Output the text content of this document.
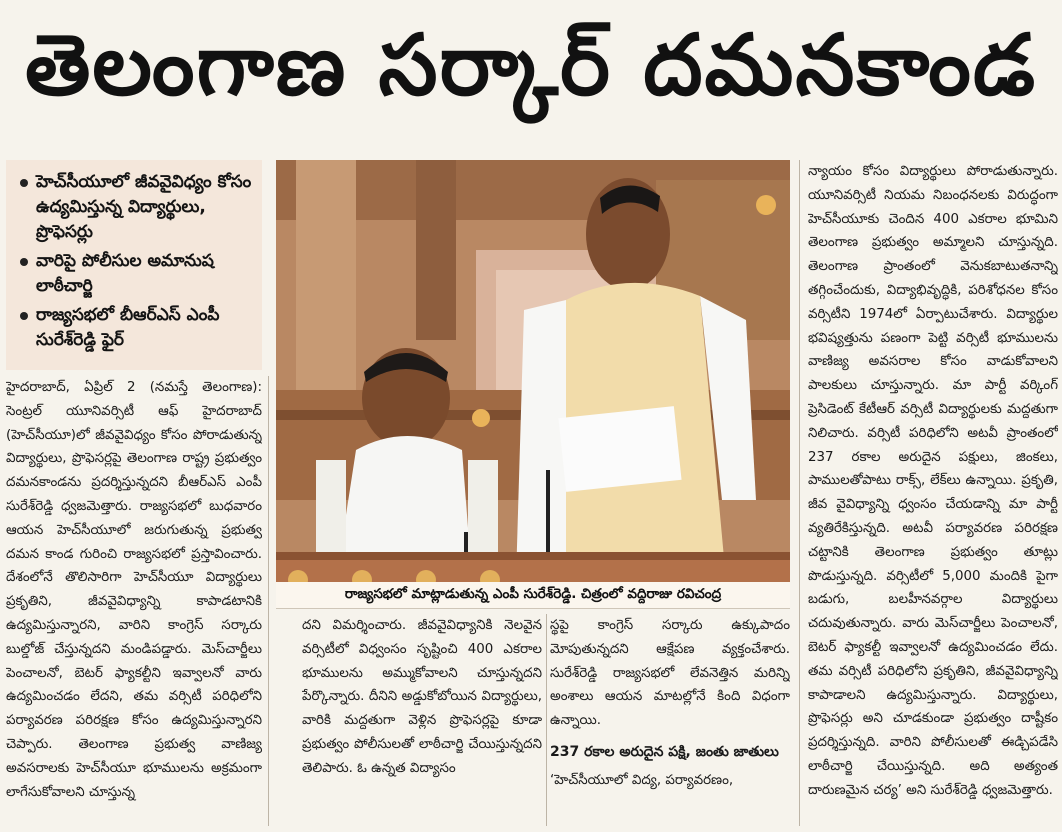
తెలంగాణ సర్కార్ దమనకాండ
హెచ్‌సీయూలో జీవవైవిధ్యం కోసం ఉద్యమిస్తున్న విద్యార్థులు, ప్రొఫెసర్లు
వారిపై పోలీసుల అమానుష లాఠీచార్జి
రాజ్యసభలో బీఆర్‌ఎస్ ఎంపీ సురేశ్‌రెడ్డి ఫైర్

హైదరాబాద్, ఏప్రిల్ 2 (నమస్తే తెలంగాణ): సెంట్రల్ యూనివర్సిటీ ఆఫ్ హైదరాబాద్ (హెచ్‌సీయూ)లో జీవవైవిధ్యం కోసం పోరాడుతున్న విద్యార్థులు, ప్రొఫెసర్లపై తెలంగాణ రాష్ట్ర ప్రభుత్వం దమనకాండను ప్రదర్శిస్తున్నదని బీఆర్‌ఎస్ ఎంపీ సురేశ్‌రెడ్డి ధ్వజమెత్తారు. రాజ్యసభలో బుధవారం ఆయన హెచ్‌సీయూలో జరుగుతున్న ప్రభుత్వ దమన కాండ గురించి రాజ్యసభలో ప్రస్తావించారు. దేశంలోనే తొలిసారిగా హెచ్‌సీయూ విద్యార్థులు ప్రకృతిని, జీవవైవిధ్యాన్ని కాపాడటానికి ఉద్యమిస్తున్నారని, వారిని కాంగ్రెస్ సర్కారు బుల్డోజ్ చేస్తున్నదని మండిపడ్డారు. మెస్‌చార్జీలు పెంచాలనో, బెటర్ ఫ్యాకల్టీని ఇవ్వాలనో వారు ఉద్యమించడం లేదని, తమ వర్సిటీ పరిధిలోని పర్యావరణ పరిరక్షణ కోసం ఉద్యమిస్తున్నారని చెప్పారు. తెలంగాణ ప్రభుత్వ వాణిజ్య అవసరాలకు హెచ్‌సీయూ భూములను అక్రమంగా లాగేసుకోవాలని చూస్తున్న

రాజ్యసభలో మాట్లాడుతున్న ఎంపీ సురేశ్‌రెడ్డి. చిత్రంలో వద్దిరాజు రవిచంద్ర

దని విమర్శించారు. జీవవైవిధ్యానికి నెలవైన వర్సిటీలో విధ్వంసం సృష్టించి 400 ఎకరాల భూములను అమ్ముకోవాలని చూస్తున్నదని పేర్కొన్నారు. దీనిని అడ్డుకోబోయిన విద్యార్థులు, వారికి మద్దతుగా వెళ్లిన ప్రొఫెసర్లపై కూడా ప్రభుత్వం పోలీసులతో లాఠీచార్జి చేయిస్తున్నదని తెలిపారు. ఓ ఉన్నత విద్యాసం

స్థపై కాంగ్రెస్ సర్కారు ఉక్కుపాదం మోపుతున్నదని ఆక్షేపణ వ్యక్తంచేశారు. సురేశ్‌రెడ్డి రాజ్యసభలో లేవనెత్తిన మరిన్ని అంశాలు ఆయన మాటల్లోనే కింది విధంగా ఉన్నాయి.

237 రకాల అరుదైన పక్షి, జంతు జాతులు

‘హెచ్‌సీయూలో విద్య, పర్యావరణం,

న్యాయం కోసం విద్యార్థులు పోరాడుతున్నారు. యూనివర్సిటీ నియమ నిబంధనలకు విరుద్ధంగా హెచ్‌సీయూకు చెందిన 400 ఎకరాల భూమిని తెలంగాణ ప్రభుత్వం అమ్మాలని చూస్తున్నది. తెలంగాణ ప్రాంతంలో వెనుకబాటుతనాన్ని తగ్గించేందుకు, విద్యాభివృద్ధికి, పరిశోధనల కోసం వర్సిటీని 1974లో ఏర్పాటుచేశారు. విద్యార్థుల భవిష్యత్తును పణంగా పెట్టి వర్సిటీ భూములను వాణిజ్య అవసరాల కోసం వాడుకోవాలని పాలకులు చూస్తున్నారు. మా పార్టీ వర్కింగ్ ప్రెసిడెంట్ కేటీఆర్ వర్సిటీ విద్యార్థులకు మద్దతుగా నిలిచారు. వర్సిటీ పరిధిలోని అటవీ ప్రాంతంలో 237 రకాల అరుదైన పక్షులు, జింకలు, పాములతోపాటు రాక్స్, లేక్‌లు ఉన్నాయి. ప్రకృతి, జీవ వైవిధ్యాన్ని ధ్వంసం చేయడాన్ని మా పార్టీ వ్యతిరేకిస్తున్నది. అటవీ పర్యావరణ పరిరక్షణ చట్టానికి తెలంగాణ ప్రభుత్వం తూట్లు పొడుస్తున్నది. వర్సిటీలో 5,000 మందికి పైగా బడుగు, బలహీనవర్గాల విద్యార్థులు చదువుతున్నారు. వారు మెస్‌చార్జీలు పెంచాలనో, బెటర్ ఫ్యాకల్టీ ఇవ్వాలనో ఉద్యమించడం లేదు. తమ వర్సిటీ పరిధిలోని ప్రకృతిని, జీవవైవిధ్యాన్ని కాపాడాలని ఉద్యమిస్తున్నారు. విద్యార్థులు, ప్రొఫెసర్లు అని చూడకుండా ప్రభుత్వం దాష్టీకం ప్రదర్శిస్తున్నది. వారిని పోలీసులతో ఈడ్చిపడేసి లాఠీచార్జి చేయిస్తున్నది. అది అత్యంత దారుణమైన చర్య’ అని సురేశ్‌రెడ్డి ధ్వజమెత్తారు.
